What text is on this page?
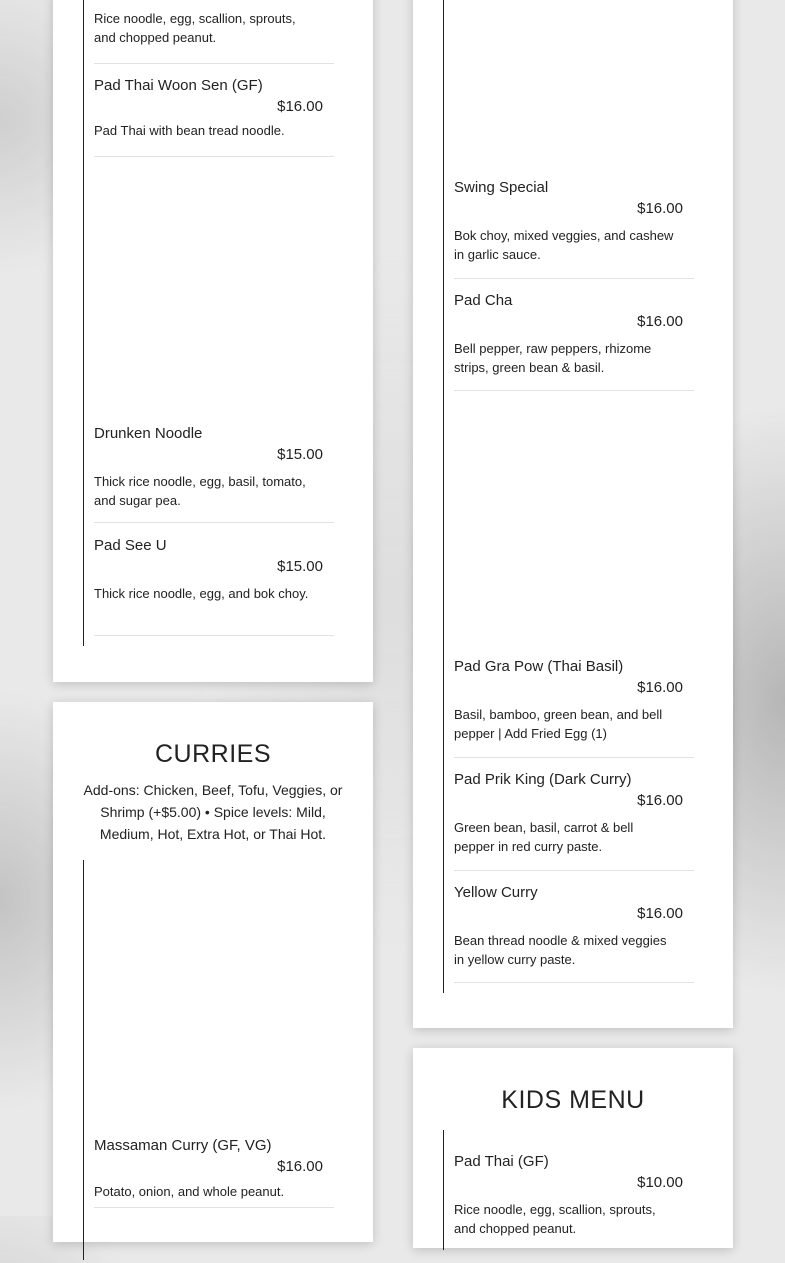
Rice noodle, egg, scallion, sprouts, and chopped peanut.
Pad Thai Woon Sen (GF)
$16.00
Pad Thai with bean tread noodle.
Drunken Noodle
$15.00
Thick rice noodle, egg, basil, tomato, and sugar pea.
Pad See U
$15.00
Thick rice noodle, egg, and bok choy.
CURRIES
Add-ons: Chicken, Beef, Tofu, Veggies, or Shrimp (+$5.00) • Spice levels: Mild, Medium, Hot, Extra Hot, or Thai Hot.
Massaman Curry (GF, VG)
$16.00
Potato, onion, and whole peanut.
Swing Special
$16.00
Bok choy, mixed veggies, and cashew in garlic sauce.
Pad Cha
$16.00
Bell pepper, raw peppers, rhizome strips, green bean & basil.
Pad Gra Pow (Thai Basil)
$16.00
Basil, bamboo, green bean, and bell pepper | Add Fried Egg (1)
Pad Prik King (Dark Curry)
$16.00
Green bean, basil, carrot & bell pepper in red curry paste.
Yellow Curry
$16.00
Bean thread noodle & mixed veggies in yellow curry paste.
KIDS MENU
Pad Thai (GF)
$10.00
Rice noodle, egg, scallion, sprouts, and chopped peanut.
